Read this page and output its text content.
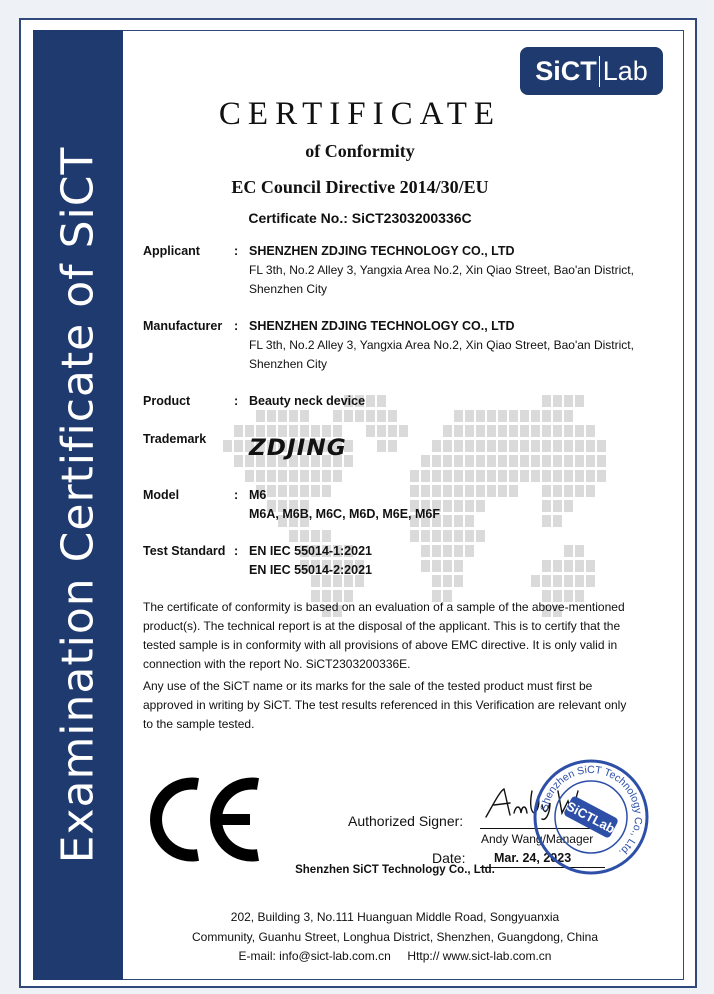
Examination Certificate of SiCT
SiCT Lab
CERTIFICATE
of Conformity
EC Council Directive 2014/30/EU
Certificate No.: SiCT2303200336C
Applicant	: SHENZHEN ZDJING TECHNOLOGY CO., LTD
FL 3th, No.2 Alley 3, Yangxia Area No.2, Xin Qiao Street, Bao'an District,
Shenzhen City
Manufacturer : SHENZHEN ZDJING TECHNOLOGY CO., LTD
FL 3th, No.2 Alley 3, Yangxia Area No.2, Xin Qiao Street, Bao'an District,
Shenzhen City
Product	: Beauty neck device
Trademark ZDJING
Model	: M6
M6A, M6B, M6C, M6D, M6E, M6F
Test Standard : EN IEC 55014-1:2021
EN IEC 55014-2:2021
The certificate of conformity is based on an evaluation of a sample of the above-mentioned
product(s). The technical report is at the disposal of the applicant. This is to certify that the
tested sample is in conformity with all provisions of above EMC directive. It is only valid in
connection with the report No. SiCT2303200336E.
Any use of the SiCT name or its marks for the sale of the tested product must first be
approved in writing by SiCT. The test results referenced in this Verification are relevant only
to the sample tested.
Authorized Signer:
Andy Wang/Manager
Date: Mar. 24, 2023
Shenzhen SiCT Technology Co., Ltd.
SiCTLab
Shenzhen SiCT Technology Co., Ltd.
202, Building 3, No.111 Huanguan Middle Road, Songyuanxia
Community, Guanhu Street, Longhua District, Shenzhen, Guangdong, China
E-mail: info@sict-lab.com.cn Http:// www.sict-lab.com.cn
